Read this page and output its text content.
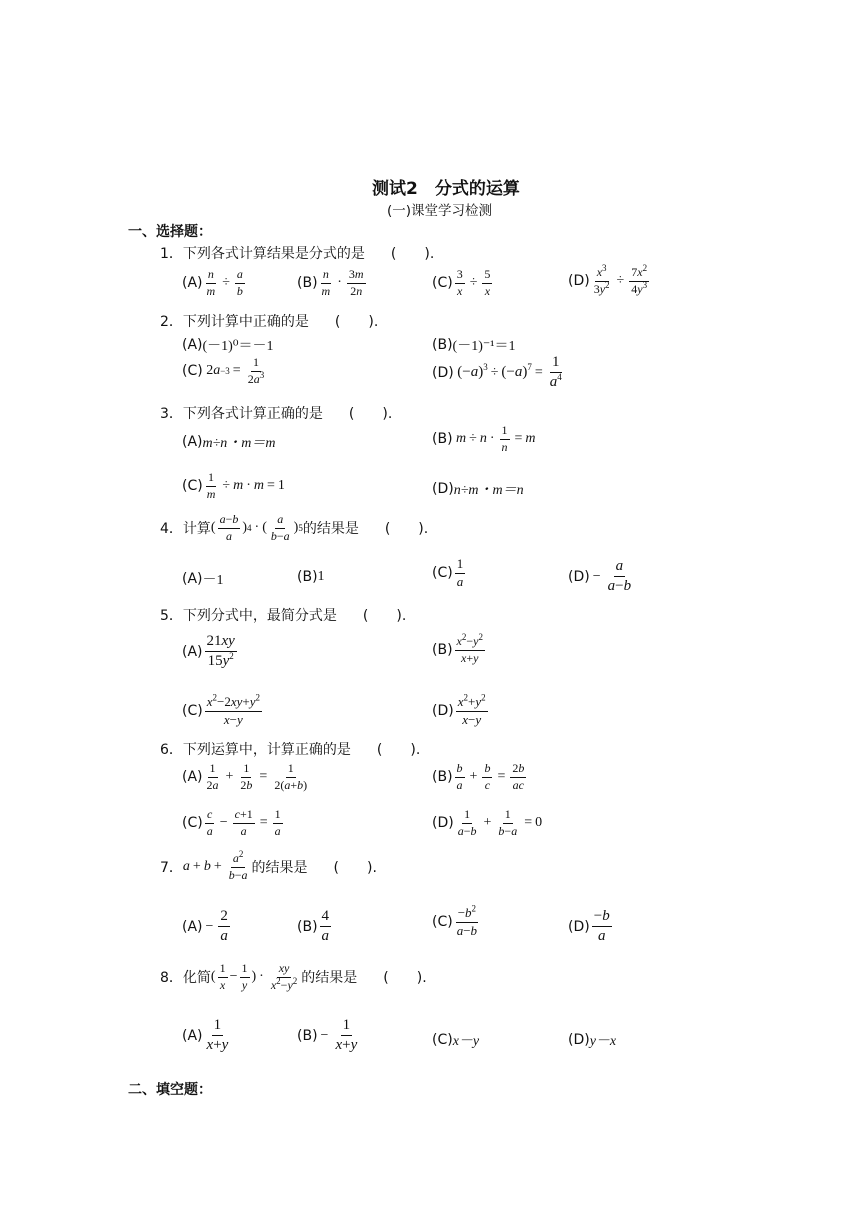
测试2　分式的运算
(一)课堂学习检测
一、选择题：
1．下列各式计算结果是分式的是 (　　).
$(A) \frac{n}{m} \div \frac{a}{b}$	$(B) \frac{n}{m} \cdot \frac{3m}{2n}$	$(C) \frac{3}{x} \div \frac{5}{x}$	$(D) \frac{x^3}{3y^2} \div \frac{7x^2}{4y^3}$
2．下列计算中正确的是 (　　).
(A) (－1)⁰＝－1	(B) (－1)⁻¹＝1
(C) 2 $a -3 = \frac{1}{2a^3}$	(D)
$(-a)^3 \div (-a)^7 = \frac{1}{a^4}$
3．下列各式计算正确的是 (　　).
(A) m÷n・m＝m	(B)
$m \div n \cdot \frac{1}{n} = m$
$(C) \frac{1}{m} \div m \cdot m = 1$	(D) n÷m・m＝n
4．计算 ( $\frac{a-b}{a}$ ) 4 · ( $\frac{a}{b-a}$ ) 5 的结果是 (　　).
(A) －1	(B) 1	$(C) \frac{1}{a}$	$(D) - \frac{a}{a-b}$
5．下列分式中，最简分式是 (　　).
$(A) \frac{21xy}{15y^2}$	$(B) \frac{x^2-y^2}{x+y}$
$(C) \frac{x^2-2xy+y^2}{x-y}$	$(D) \frac{x^2+y^2}{x-y}$
6．下列运算中，计算正确的是 (　　).
$(A) \frac{1}{2a} + \frac{1}{2b} = \frac{1}{2(a+b)}$	$(B) \frac{b}{a} + \frac{b}{c} = \frac{2b}{ac}$
$(C) \frac{c}{a} - \frac{c+1}{a} = \frac{1}{a}$	$(D) \frac{1}{a-b} + \frac{1}{b-a} = 0$
7． $a + b + \frac{a^2}{b-a}$ 的结果是 (　　).
$(A) - \frac{2}{a}$	$(B) \frac{4}{a}$	$(C) \frac{-b^2}{a-b}$	$(D) \frac{-b}{a}$
8．化简 ( $\frac{1}{x} - \frac{1}{y}$ ) · $\frac{xy}{x^2-y^2}$ 的结果是 (　　).
$(A) \frac{1}{x+y}$	$(B) - \frac{1}{x+y}$	(C) x－y	(D) y－x
二、填空题：
